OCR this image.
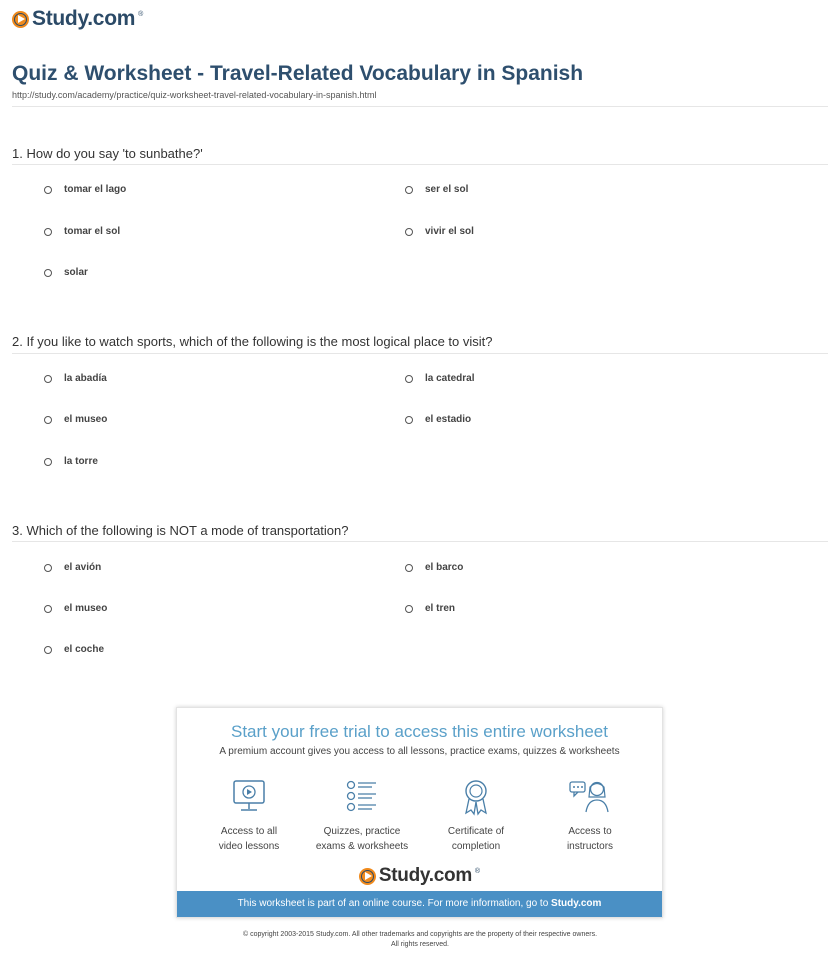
Study.com ®
Quiz & Worksheet - Travel-Related Vocabulary in Spanish
http://study.com/academy/practice/quiz-worksheet-travel-related-vocabulary-in-spanish.html
1. How do you say 'to sunbathe?'
tomar el lago	ser el sol
tomar el sol	vivir el sol
solar
2. If you like to watch sports, which of the following is the most logical place to visit?
la abadía	la catedral
el museo	el estadio
la torre
3. Which of the following is NOT a mode of transportation?
el avión	el barco
el museo	el tren
el coche
Start your free trial to access this entire worksheet
A premium account gives you access to all lessons, practice exams, quizzes & worksheets
Access to all
video lessons
Quizzes, practice
exams & worksheets
Certificate of
completion
Access to
instructors
Study.com ®
This worksheet is part of an online course. For more information, go to Study.com
© copyright 2003-2015 Study.com. All other trademarks and copyrights are the property of their respective owners.
All rights reserved.
